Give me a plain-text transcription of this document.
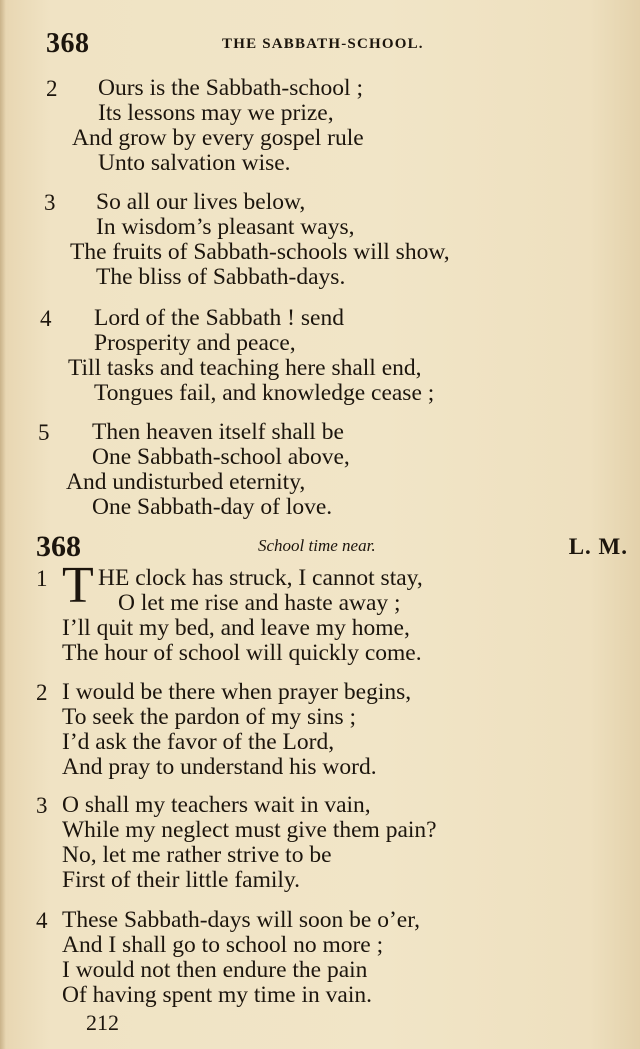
368	THE SABBATH-SCHOOL.
2 Ours is the Sabbath-school ;
Its lessons may we prize,
And grow by every gospel rule
Unto salvation wise.
3 So all our lives below,
In wisdom’s pleasant ways,
The fruits of Sabbath-schools will show,
The bliss of Sabbath-days.
4 Lord of the Sabbath ! send
Prosperity and peace,
Till tasks and teaching here shall end,
Tongues fail, and knowledge cease ;
5 Then heaven itself shall be
One Sabbath-school above,
And undisturbed eternity,
One Sabbath-day of love.
368	School time near.	L. M.
1 T HE clock has struck, I cannot stay,
O let me rise and haste away ;
I’ll quit my bed, and leave my home,
The hour of school will quickly come.
2 I would be there when prayer begins,
To seek the pardon of my sins ;
I’d ask the favor of the Lord,
And pray to understand his word.
3 O shall my teachers wait in vain,
While my neglect must give them pain?
No, let me rather strive to be
First of their little family.
4 These Sabbath-days will soon be o’er,
And I shall go to school no more ;
I would not then endure the pain
Of having spent my time in vain.
212
